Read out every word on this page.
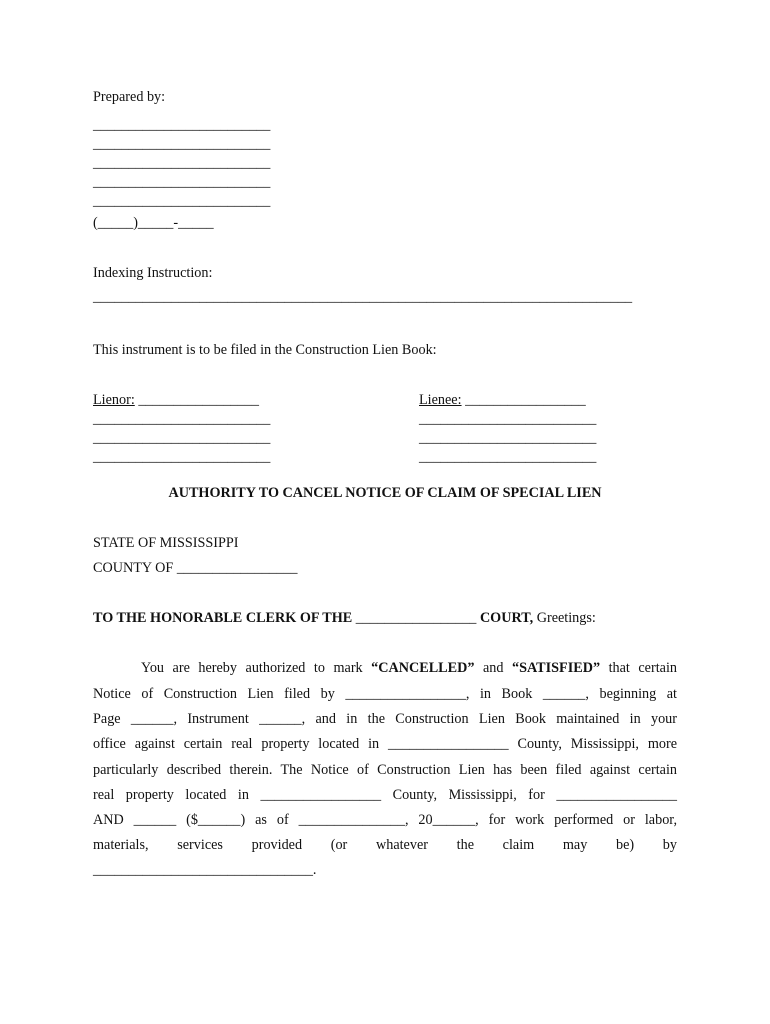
Prepared by:
_________________________
_________________________
_________________________
_________________________
_________________________
(_____)_____-_____
Indexing Instruction:
____________________________________________________________________________
This instrument is to be filed in the Construction Lien Book:
Lienor: _________________
_________________________
_________________________
_________________________
Lienee: _________________
_________________________
_________________________
_________________________
AUTHORITY TO CANCEL NOTICE OF CLAIM OF SPECIAL LIEN
STATE OF MISSISSIPPI
COUNTY OF _________________
TO THE HONORABLE CLERK OF THE _________________ COURT, Greetings:
You are hereby authorized to mark “CANCELLED” and “SATISFIED” that certain
Notice of Construction Lien filed by _________________, in Book ______, beginning at
Page ______, Instrument ______, and in the Construction Lien Book maintained in your
office against certain real property located in _________________ County, Mississippi, more
particularly described therein. The Notice of Construction Lien has been filed against certain
real property located in _________________ County, Mississippi, for _________________
AND ______ ($______) as of _______________, 20______, for work performed or labor,
materials, services provided (or whatever the claim may be) by
_______________________________.
